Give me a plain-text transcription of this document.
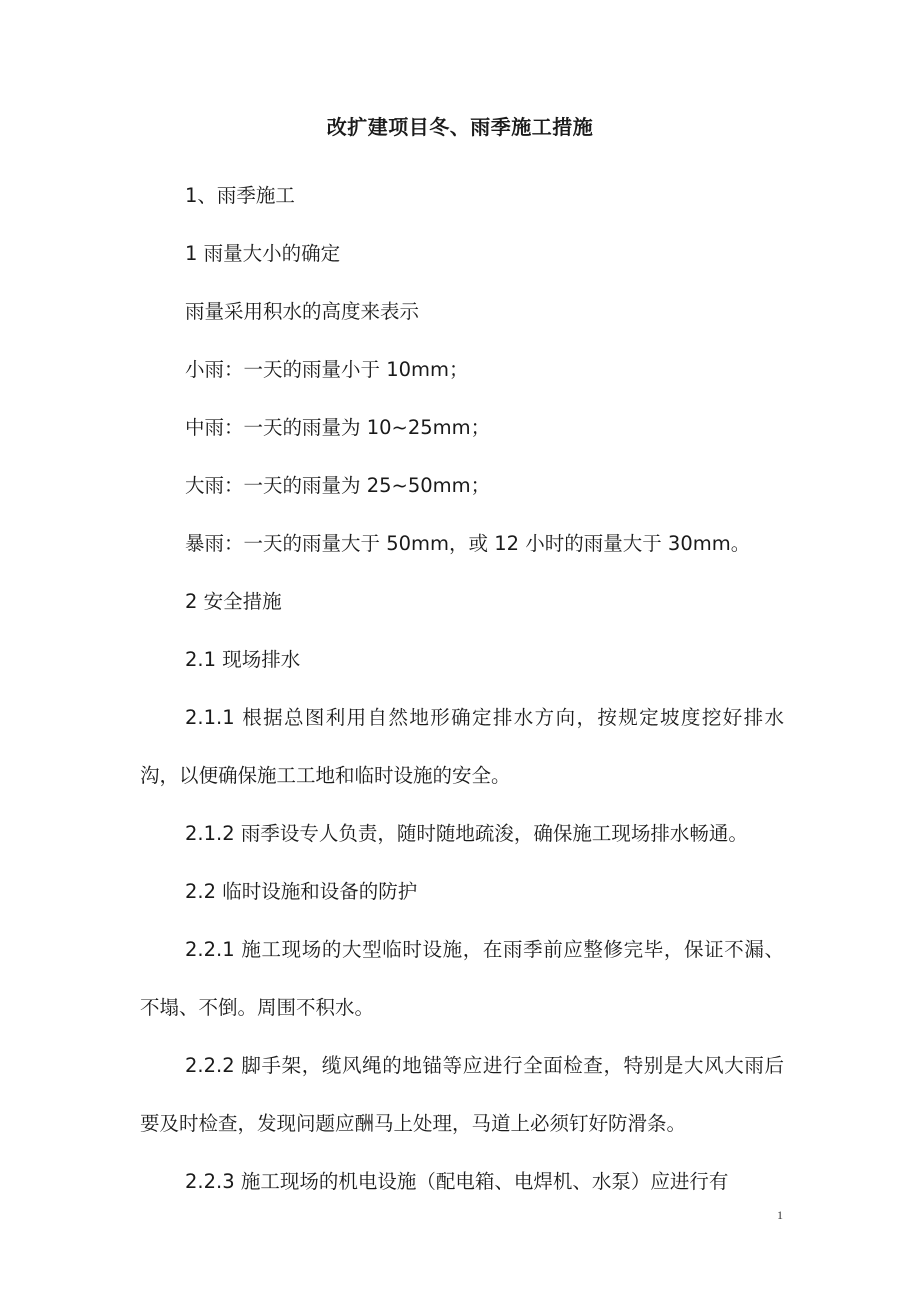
改扩建项目冬、雨季施工措施

1、雨季施工

1 雨量大小的确定

雨量采用积水的高度来表示

小雨：一天的雨量小于 10mm；

中雨：一天的雨量为 10~25mm；

大雨：一天的雨量为 25~50mm；

暴雨：一天的雨量大于 50mm，或 12 小时的雨量大于 30mm。

2 安全措施

2.1 现场排水

2.1.1 根据总图利用自然地形确定排水方向，按规定坡度挖好排水沟，以便确保施工工地和临时设施的安全。

2.1.2 雨季设专人负责，随时随地疏浚，确保施工现场排水畅通。

2.2 临时设施和设备的防护

2.2.1 施工现场的大型临时设施，在雨季前应整修完毕，保证不漏、不塌、不倒。周围不积水。

2.2.2 脚手架，缆风绳的地锚等应进行全面检查，特别是大风大雨后要及时检查，发现问题应酬马上处理，马道上必须钉好防滑条。

2.2.3 施工现场的机电设施（配电箱、电焊机、水泵）应进行有

1
